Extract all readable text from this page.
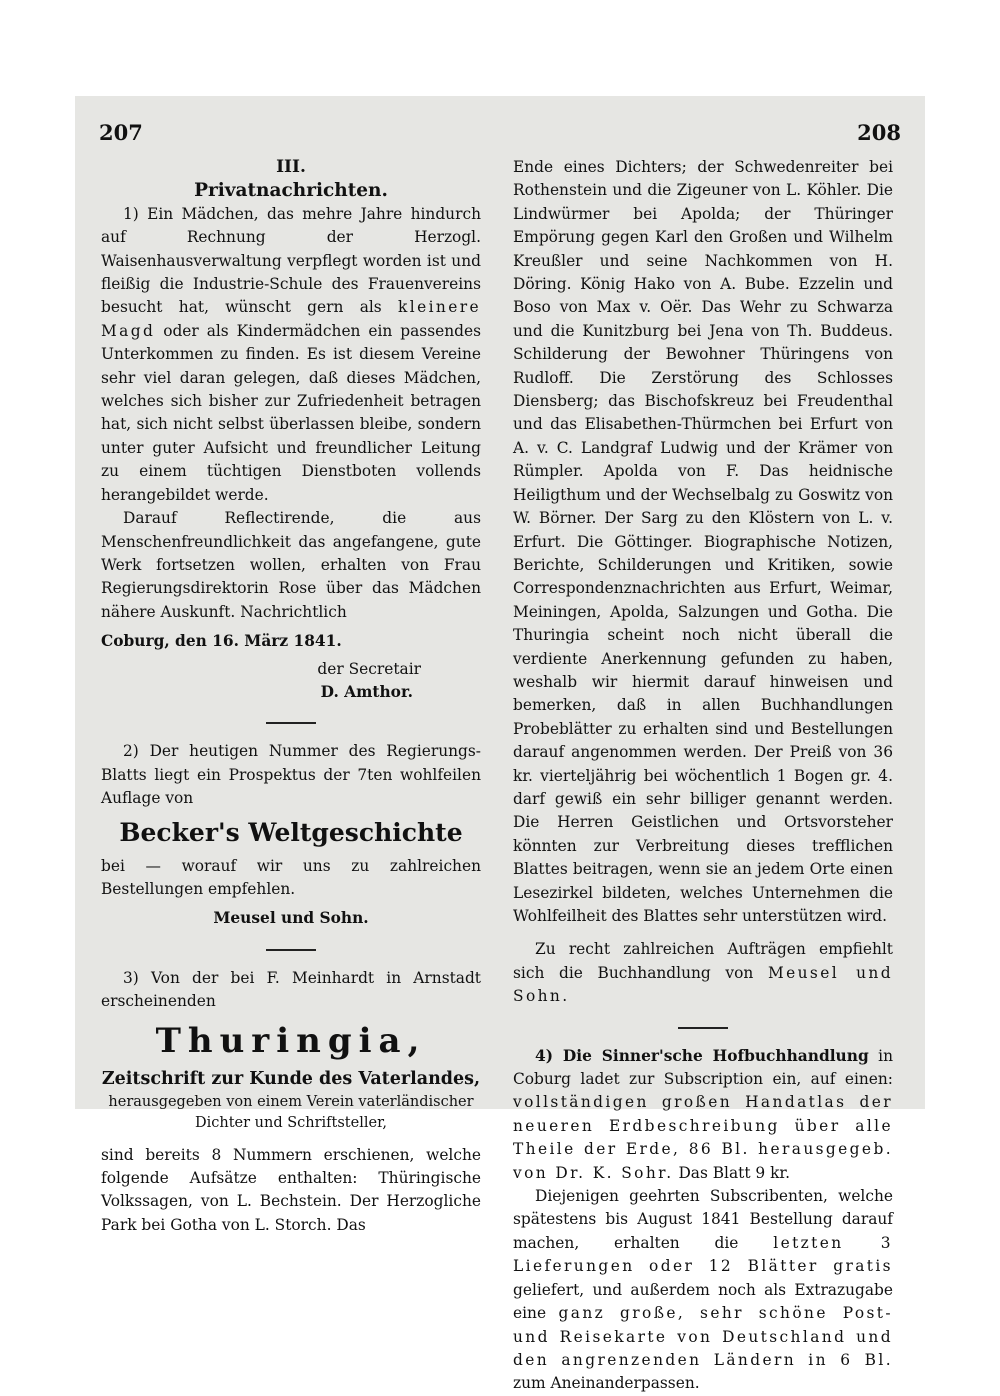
207	208

III.

Privatnachrichten.

1) Ein Mädchen, das mehre Jahre hindurch auf Rechnung der Herzogl. Waisenhausverwaltung verpflegt worden ist und fleißig die Industrie-Schule des Frauenvereins besucht hat, wünscht gern als kleinere Magd oder als Kindermädchen ein passendes Unterkommen zu finden. Es ist diesem Vereine sehr viel daran gelegen, daß dieses Mädchen, welches sich bisher zur Zufriedenheit betragen hat, sich nicht selbst überlassen bleibe, sondern unter guter Aufsicht und freundlicher Leitung zu einem tüchtigen Dienstboten vollends herangebildet werde.

Darauf Reflectirende, die aus Menschenfreundlichkeit das angefangene, gute Werk fortsetzen wollen, erhalten von Frau Regierungsdirektorin Rose über das Mädchen nähere Auskunft. Nachrichtlich

Coburg, den 16. März 1841.

der Secretair

D. Amthor.

2) Der heutigen Nummer des Regierungs-Blatts liegt ein Prospektus der 7ten wohlfeilen Auflage von

Becker's Weltgeschichte

bei — worauf wir uns zu zahlreichen Bestellungen empfehlen.

Meusel und Sohn.

3) Von der bei F. Meinhardt in Arnstadt erscheinenden

Thuringia,

Zeitschrift zur Kunde des Vaterlandes,

herausgegeben von einem Verein vaterländischer Dichter und Schriftsteller,

sind bereits 8 Nummern erschienen, welche folgende Aufsätze enthalten: Thüringische Volkssagen, von L. Bechstein. Der Herzogliche Park bei Gotha von L. Storch. Das

Ende eines Dichters; der Schwedenreiter bei Rothenstein und die Zigeuner von L. Köhler. Die Lindwürmer bei Apolda; der Thüringer Empörung gegen Karl den Großen und Wilhelm Kreußler und seine Nachkommen von H. Döring. König Hako von A. Bube. Ezzelin und Boso von Max v. Oër. Das Wehr zu Schwarza und die Kunitzburg bei Jena von Th. Buddeus. Schilderung der Bewohner Thüringens von Rudloff. Die Zerstörung des Schlosses Diensberg; das Bischofskreuz bei Freudenthal und das Elisabethen-Thürmchen bei Erfurt von A. v. C. Landgraf Ludwig und der Krämer von Rümpler. Apolda von F. Das heidnische Heiligthum und der Wechselbalg zu Goswitz von W. Börner. Der Sarg zu den Klöstern von L. v. Erfurt. Die Göttinger. Biographische Notizen, Berichte, Schilderungen und Kritiken, sowie Correspondenznachrichten aus Erfurt, Weimar, Meiningen, Apolda, Salzungen und Gotha. Die Thuringia scheint noch nicht überall die verdiente Anerkennung gefunden zu haben, weshalb wir hiermit darauf hinweisen und bemerken, daß in allen Buchhandlungen Probeblätter zu erhalten sind und Bestellungen darauf angenommen werden. Der Preiß von 36 kr. vierteljährig bei wöchentlich 1 Bogen gr. 4. darf gewiß ein sehr billiger genannt werden. Die Herren Geistlichen und Ortsvorsteher könnten zur Verbreitung dieses trefflichen Blattes beitragen, wenn sie an jedem Orte einen Lesezirkel bildeten, welches Unternehmen die Wohlfeilheit des Blattes sehr unterstützen wird.

Zu recht zahlreichen Aufträgen empfiehlt sich die Buchhandlung von Meusel und Sohn.

4) Die Sinner'sche Hofbuchhandlung in Coburg ladet zur Subscription ein, auf einen: vollständigen großen Handatlas der neueren Erdbeschreibung über alle Theile der Erde, 86 Bl. herausgegeb. von Dr. K. Sohr. Das Blatt 9 kr.

Diejenigen geehrten Subscribenten, welche spätestens bis August 1841 Bestellung darauf machen, erhalten die letzten 3 Lieferungen oder 12 Blätter gratis geliefert, und außerdem noch als Extrazugabe eine ganz große, sehr schöne Post- und Reisekarte von Deutschland und den angrenzenden Ländern in 6 Bl. zum Aneinanderpassen.
